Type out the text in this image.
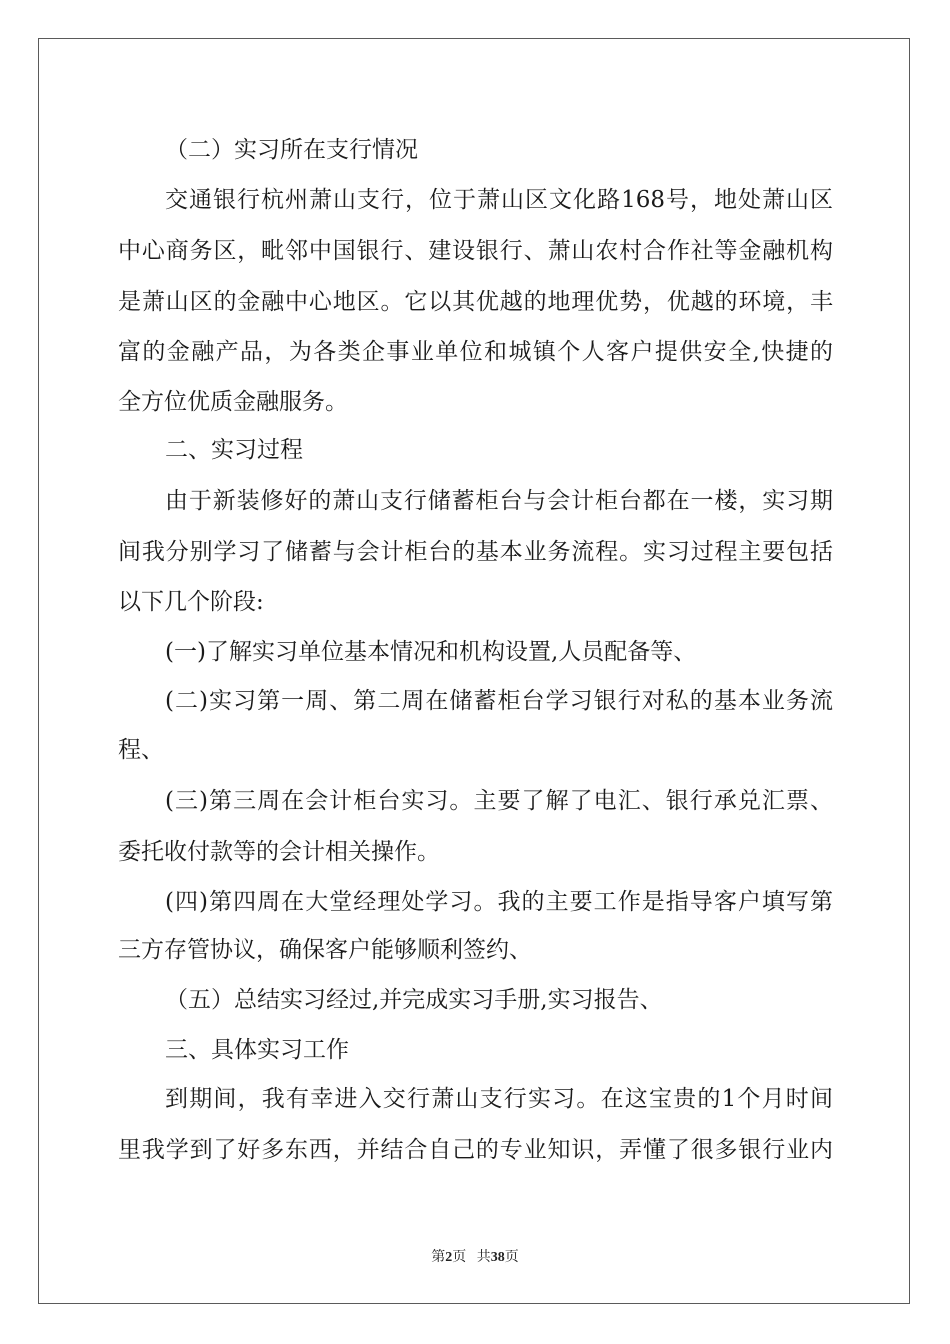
（二）实习所在支行情况
交通银行杭州萧山支行，位于萧山区文化路168号，地处萧山区
中心商务区，毗邻中国银行、建设银行、萧山农村合作社等金融机构
是萧山区的金融中心地区。它以其优越的地理优势，优越的环境，丰
富的金融产品，为各类企事业单位和城镇个人客户提供安全,快捷的
全方位优质金融服务。
二、实习过程
由于新装修好的萧山支行储蓄柜台与会计柜台都在一楼，实习期
间我分别学习了储蓄与会计柜台的基本业务流程。实习过程主要包括
以下几个阶段:
(一)了解实习单位基本情况和机构设置,人员配备等、
(二)实习第一周、第二周在储蓄柜台学习银行对私的基本业务流
程、
(三)第三周在会计柜台实习。主要了解了电汇、银行承兑汇票、
委托收付款等的会计相关操作。
(四)第四周在大堂经理处学习。我的主要工作是指导客户填写第
三方存管协议，确保客户能够顺利签约、
（五）总结实习经过,并完成实习手册,实习报告、
三、具体实习工作
到期间，我有幸进入交行萧山支行实习。在这宝贵的1个月时间
里我学到了好多东西，并结合自己的专业知识，弄懂了很多银行业内
第2页 共38页
